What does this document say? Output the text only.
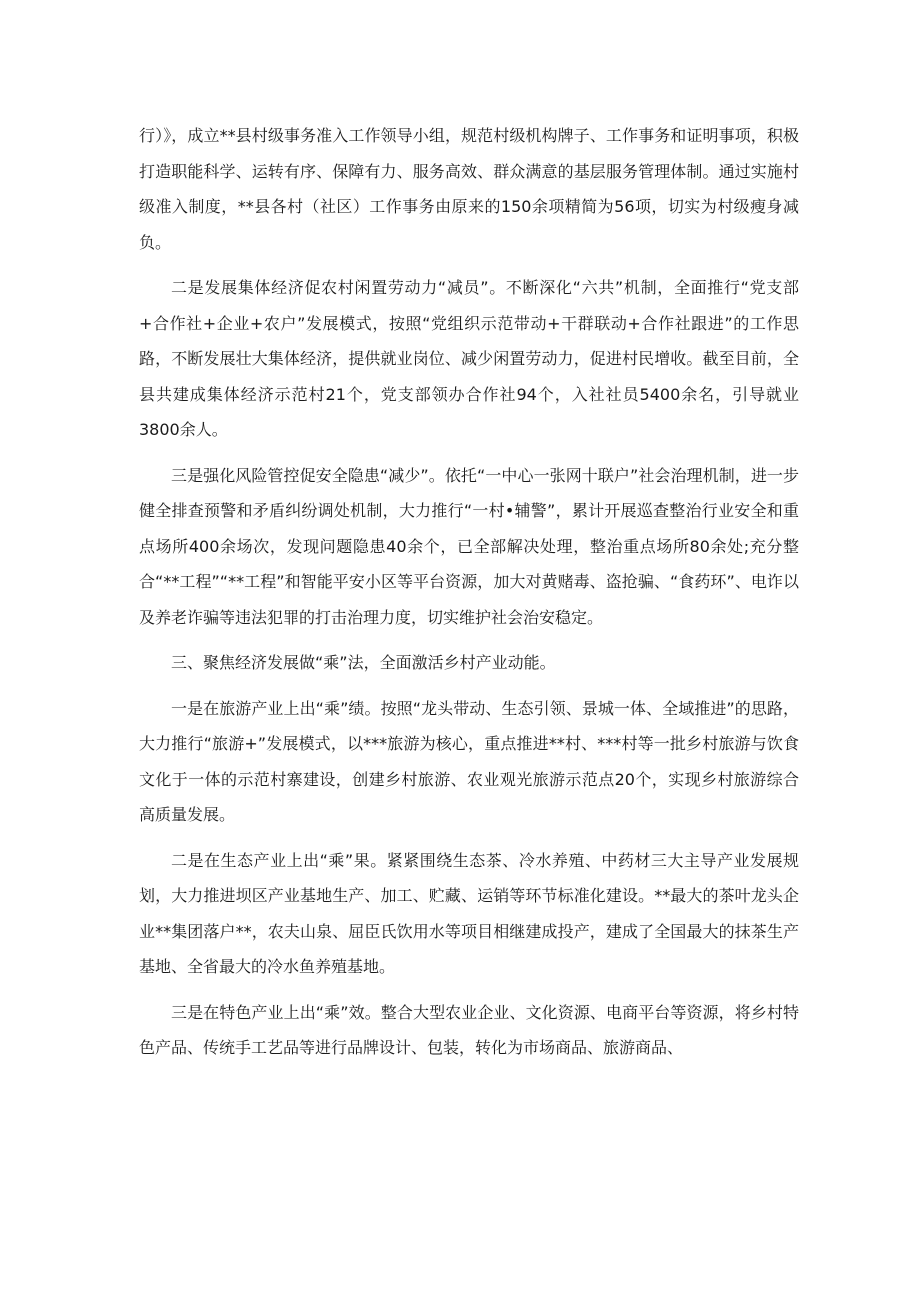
行）》，成立**县村级事务准入工作领导小组，规范村级机构牌子、工作事务和证明事项，积极打造职能科学、运转有序、保障有力、服务高效、群众满意的基层服务管理体制。通过实施村级准入制度，**县各村（社区）工作事务由原来的150余项精简为56项，切实为村级瘦身减负。

二是发展集体经济促农村闲置劳动力“减员”。不断深化“六共”机制，全面推行“党支部+合作社+企业+农户”发展模式，按照“党组织示范带动+干群联动+合作社跟进”的工作思路，不断发展壮大集体经济，提供就业岗位、减少闲置劳动力，促进村民增收。截至目前，全县共建成集体经济示范村21个，党支部领办合作社94个，入社社员5400余名，引导就业3800余人。

三是强化风险管控促安全隐患“减少”。依托“一中心一张网十联户”社会治理机制，进一步健全排查预警和矛盾纠纷调处机制，大力推行“一村•辅警”，累计开展巡查整治行业安全和重点场所400余场次，发现问题隐患40余个，已全部解决处理，整治重点场所80余处;充分整合“**工程”“**工程”和智能平安小区等平台资源，加大对黄赌毒、盗抢骗、“食药环”、电诈以及养老诈骗等违法犯罪的打击治理力度，切实维护社会治安稳定。

三、聚焦经济发展做“乘”法，全面激活乡村产业动能。

一是在旅游产业上出“乘”绩。按照“龙头带动、生态引领、景城一体、全域推进”的思路，大力推行“旅游+”发展模式，以***旅游为核心，重点推进**村、***村等一批乡村旅游与饮食文化于一体的示范村寨建设，创建乡村旅游、农业观光旅游示范点20个，实现乡村旅游综合高质量发展。

二是在生态产业上出“乘”果。紧紧围绕生态茶、冷水养殖、中药材三大主导产业发展规划，大力推进坝区产业基地生产、加工、贮藏、运销等环节标准化建设。**最大的茶叶龙头企业**集团落户**，农夫山泉、屈臣氏饮用水等项目相继建成投产，建成了全国最大的抹茶生产基地、全省最大的冷水鱼养殖基地。

三是在特色产业上出“乘”效。整合大型农业企业、文化资源、电商平台等资源，将乡村特色产品、传统手工艺品等进行品牌设计、包装，转化为市场商品、旅游商品、
